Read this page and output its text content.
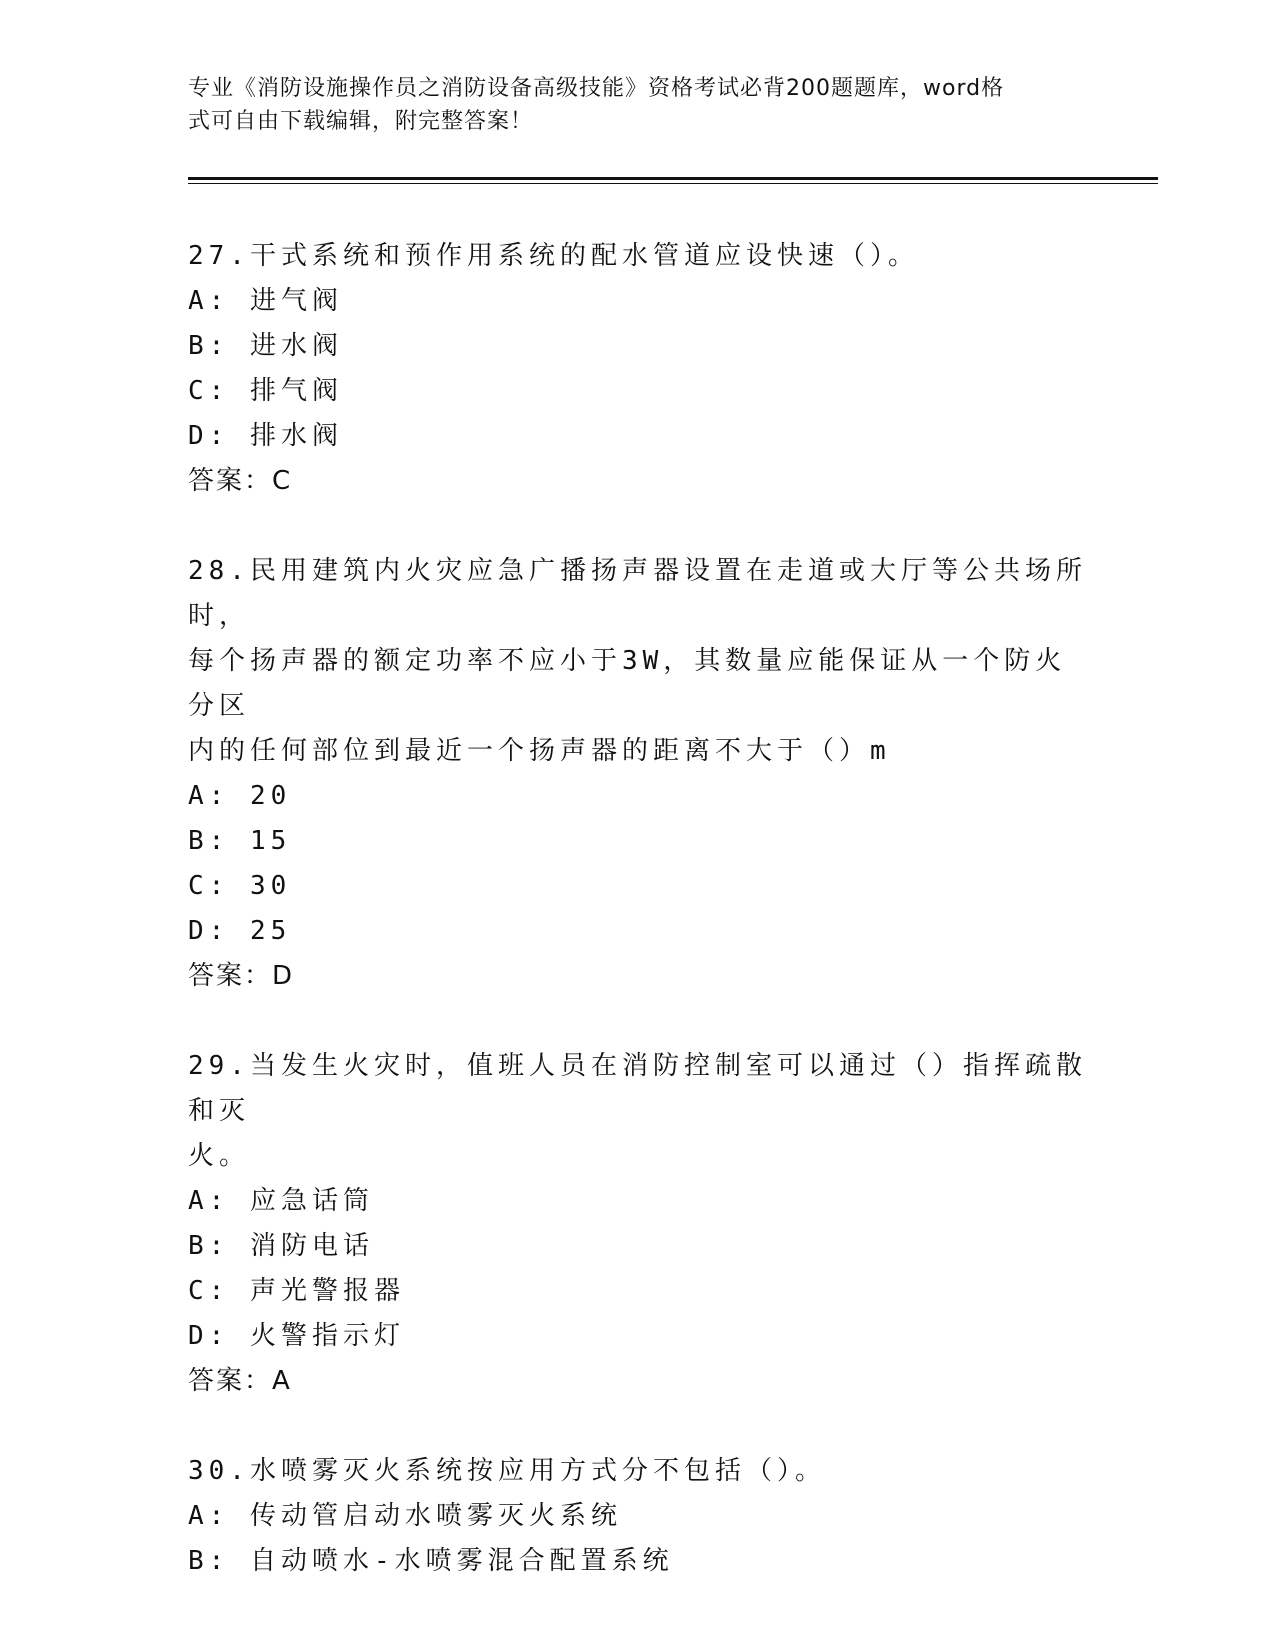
专业《消防设施操作员之消防设备高级技能》资格考试必背200题题库，word格
式可自由下载编辑，附完整答案！
27.干式系统和预作用系统的配水管道应设快速（）。
A: 进气阀
B: 进水阀
C: 排气阀
D: 排水阀
答案：C
28.民用建筑内火灾应急广播扬声器设置在走道或大厅等公共场所时，
每个扬声器的额定功率不应小于3W，其数量应能保证从一个防火分区
内的任何部位到最近一个扬声器的距离不大于（）m
A: 20
B: 15
C: 30
D: 25
答案：D
29.当发生火灾时，值班人员在消防控制室可以通过（）指挥疏散和灭
火。
A: 应急话筒
B: 消防电话
C: 声光警报器
D: 火警指示灯
答案：A
30.水喷雾灭火系统按应用方式分不包括（）。
A: 传动管启动水喷雾灭火系统
B: 自动喷水-水喷雾混合配置系统
